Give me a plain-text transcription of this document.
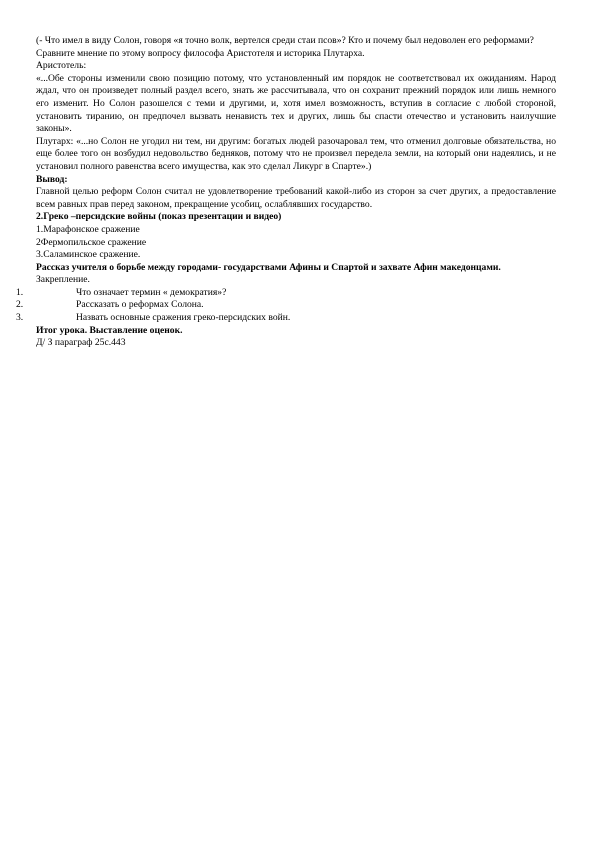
(- Что имел в виду Солон, говоря «я точно волк, вертелся среди стаи псов»? Кто и почему был недоволен его реформами?
Сравните мнение по этому вопросу философа Аристотеля и историка Плутарха.
Аристотель:
«...Обе стороны изменили свою позицию потому, что установленный им порядок не соответствовал их ожиданиям. Народ ждал, что он произведет полный раздел всего, знать же рассчитывала, что он сохранит прежний порядок или лишь немного его изменит. Но Солон разошелся с теми и другими, и, хотя имел возможность, вступив в согласие с любой стороной, установить тиранию, он предпочел вызвать ненависть тех и других, лишь бы спасти отечество и установить наилучшие законы».
Плутарх: «...но Солон не угодил ни тем, ни другим: богатых людей разочаровал тем, что отменил долговые обязательства, но еще более того он возбудил недовольство бедняков, потому что не произвел передела земли, на который они надеялись, и не установил полного равенства всего имущества, как это сделал Ликург в Спарте».)
Вывод:
Главной целью реформ Солон считал не удовлетворение требований какой-либо из сторон за счет других, а предоставление всем равных прав перед законом, прекращение усобиц, ослаблявших государство.
2.Греко –персидские войны (показ презентации и видео)
1.Марафонское сражение
2Фермопильское сражение
3.Саламинское сражение.
Рассказ учителя о борьбе между городами- государствами Афины и Спартой и захвате Афин македонцами.
Закрепление.
1.	Что означает термин « демократия»?
2.	Рассказать о реформах Солона.
3.	Назвать основные сражения греко-персидских войн.
Итог урока. Выставление оценок.
Д/ З параграф 25с.443
